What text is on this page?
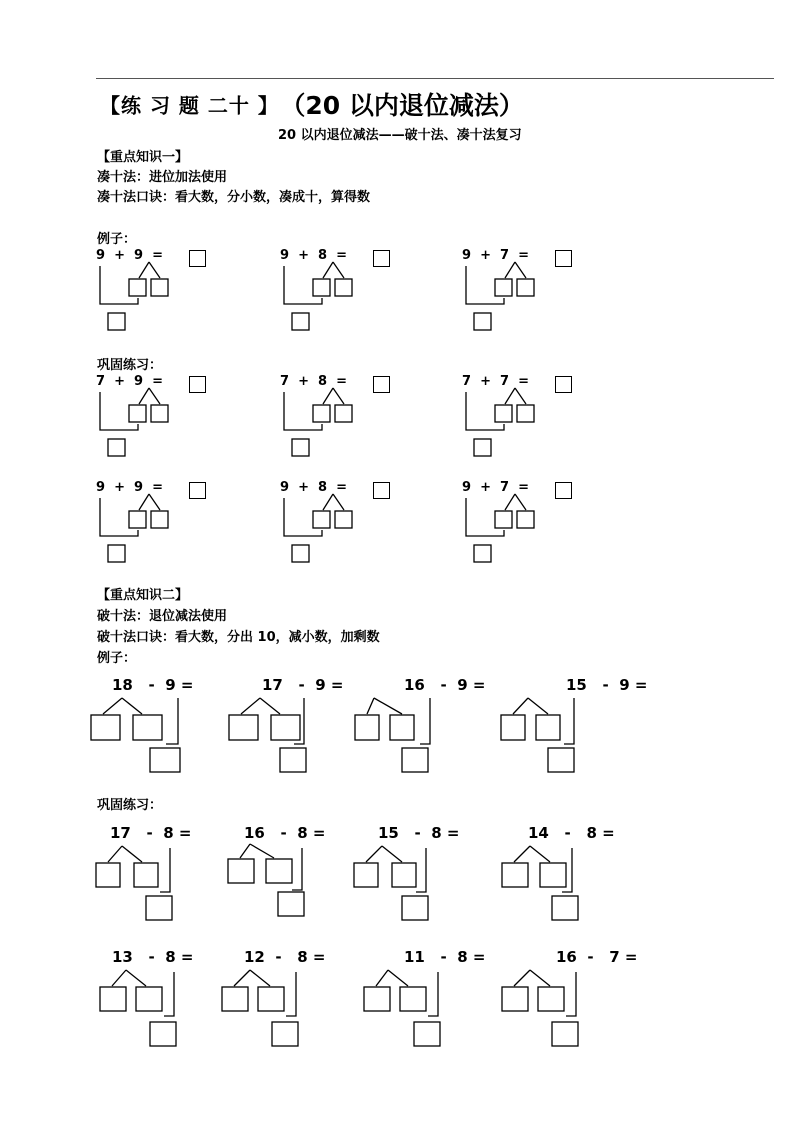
【练 习 题 二十 】 （20 以内退位减法）
20 以内退位减法——破十法、凑十法复习
【重点知识一】
凑十法：进位加法使用
凑十法口诀：看大数，分小数，凑成十，算得数
例子：
巩固练习：
9  +  9  =	9  +  8  =	9  +  7  =
7  +  9  =	7  +  8  =	7  +  7  =
9  +  9  =	9  +  8  =	9  +  7  =
【重点知识二】
破十法：退位减法使用
破十法口诀：看大数，分出 10，减小数，加剩数
例子：
巩固练习：
18   -  9 =	17   -  9 =	16   -  9 =	15   -  9 =
17   -  8 =	16   -  8 =	15   -  8 =	14   -   8 =
13   -  8 =	12  -   8 =	11   -  8 =	16  -   7 =
